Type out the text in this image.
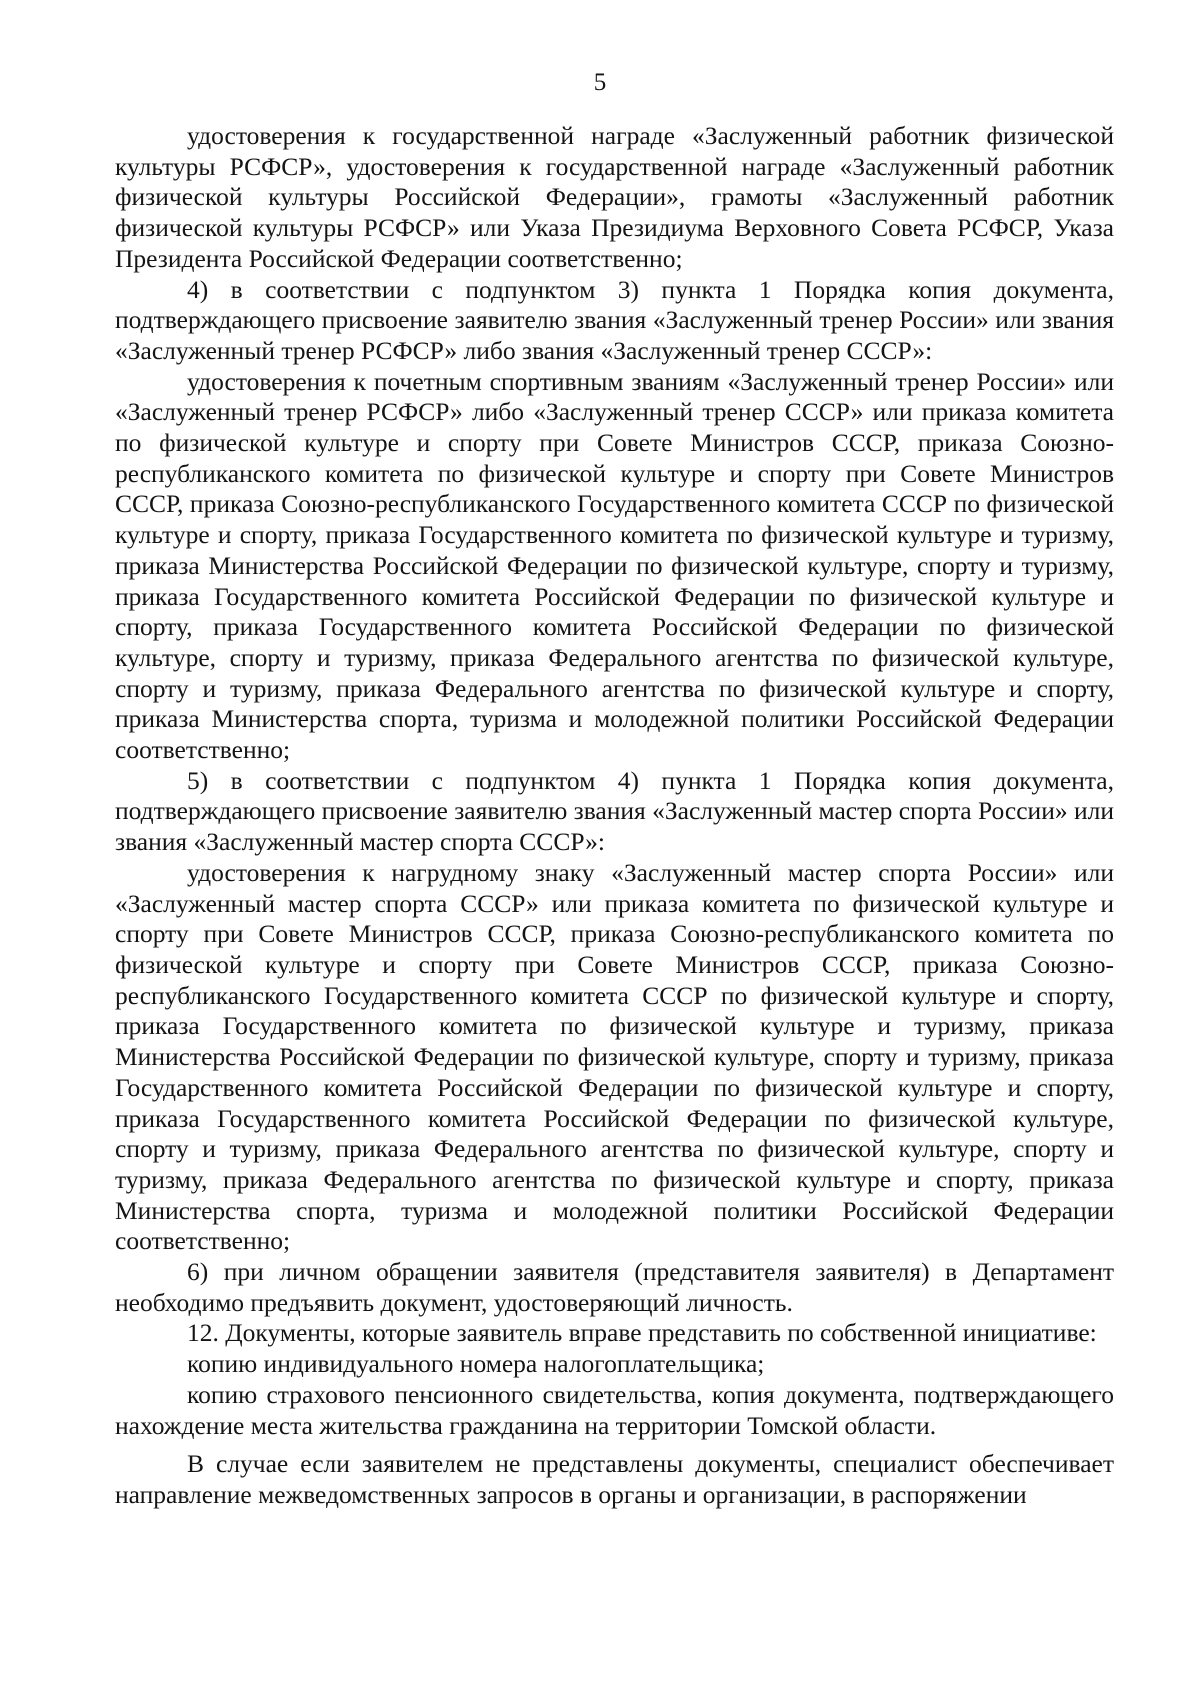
5

удостоверения к государственной награде «Заслуженный работник физической культуры РСФСР», удостоверения к государственной награде «Заслуженный работник физической культуры Российской Федерации», грамоты «Заслуженный работник физической культуры РСФСР» или Указа Президиума Верховного Совета РСФСР, Указа Президента Российской Федерации соответственно;

4) в соответствии с подпунктом 3) пункта 1 Порядка копия документа, подтверждающего присвоение заявителю звания «Заслуженный тренер России» или звания «Заслуженный тренер РСФСР» либо звания «Заслуженный тренер СССР»:

удостоверения к почетным спортивным званиям «Заслуженный тренер России» или «Заслуженный тренер РСФСР» либо «Заслуженный тренер СССР» или приказа комитета по физической культуре и спорту при Совете Министров СССР, приказа Союзно-республиканского комитета по физической культуре и спорту при Совете Министров СССР, приказа Союзно-республиканского Государственного комитета СССР по физической культуре и спорту, приказа Государственного комитета по физической культуре и туризму, приказа Министерства Российской Федерации по физической культуре, спорту и туризму, приказа Государственного комитета Российской Федерации по физической культуре и спорту, приказа Государственного комитета Российской Федерации по физической культуре, спорту и туризму, приказа Федерального агентства по физической культуре, спорту и туризму, приказа Федерального агентства по физической культуре и спорту, приказа Министерства спорта, туризма и молодежной политики Российской Федерации соответственно;

5) в соответствии с подпунктом 4) пункта 1 Порядка копия документа, подтверждающего присвоение заявителю звания «Заслуженный мастер спорта России» или звания «Заслуженный мастер спорта СССР»:

удостоверения к нагрудному знаку «Заслуженный мастер спорта России» или «Заслуженный мастер спорта СССР» или приказа комитета по физической культуре и спорту при Совете Министров СССР, приказа Союзно-республиканского комитета по физической культуре и спорту при Совете Министров СССР, приказа Союзно-республиканского Государственного комитета СССР по физической культуре и спорту, приказа Государственного комитета по физической культуре и туризму, приказа Министерства Российской Федерации по физической культуре, спорту и туризму, приказа Государственного комитета Российской Федерации по физической культуре и спорту, приказа Государственного комитета Российской Федерации по физической культуре, спорту и туризму, приказа Федерального агентства по физической культуре, спорту и туризму, приказа Федерального агентства по физической культуре и спорту, приказа Министерства спорта, туризма и молодежной политики Российской Федерации соответственно;

6) при личном обращении заявителя (представителя заявителя) в Департамент необходимо предъявить документ, удостоверяющий личность.

12. Документы, которые заявитель вправе представить по собственной инициативе:

копию индивидуального номера налогоплательщика;

копию страхового пенсионного свидетельства, копия документа, подтверждающего нахождение места жительства гражданина на территории Томской области.

В случае если заявителем не представлены документы, специалист обеспечивает направление межведомственных запросов в органы и организации, в распоряжении
